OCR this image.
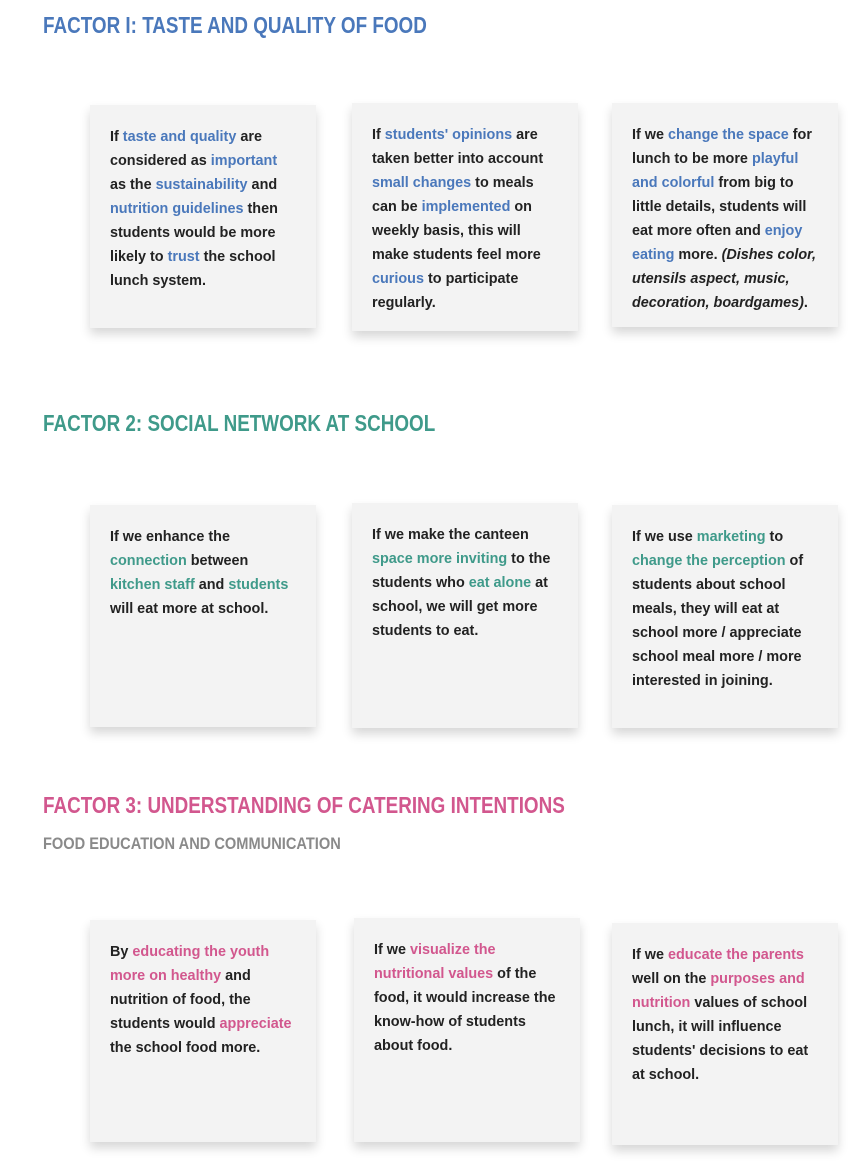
FACTOR I: TASTE AND QUALITY OF FOOD
If taste and quality are considered as important as the sustainability and nutrition guidelines then students would be more likely to trust the school lunch system.
If students' opinions are taken better into account small changes to meals can be implemented on weekly basis, this will make students feel more curious to participate regularly.
If we change the space for lunch to be more playful and colorful from big to little details, students will eat more often and enjoy eating more. (Dishes color, utensils aspect, music, decoration, boardgames).
FACTOR 2: SOCIAL NETWORK AT SCHOOL
If we enhance the connection between kitchen staff and students will eat more at school.
If we make the canteen space more inviting to the students who eat alone at school, we will get more students to eat.
If we use marketing to change the perception of students about school meals, they will eat at school more / appreciate school meal more / more interested in joining.
FACTOR 3: UNDERSTANDING OF CATERING INTENTIONS
FOOD EDUCATION AND COMMUNICATION
By educating the youth more on healthy and nutrition of food, the students would appreciate the school food more.
If we visualize the nutritional values of the food, it would increase the know-how of students about food.
If we educate the parents well on the purposes and nutrition values of school lunch, it will influence students' decisions to eat at school.
